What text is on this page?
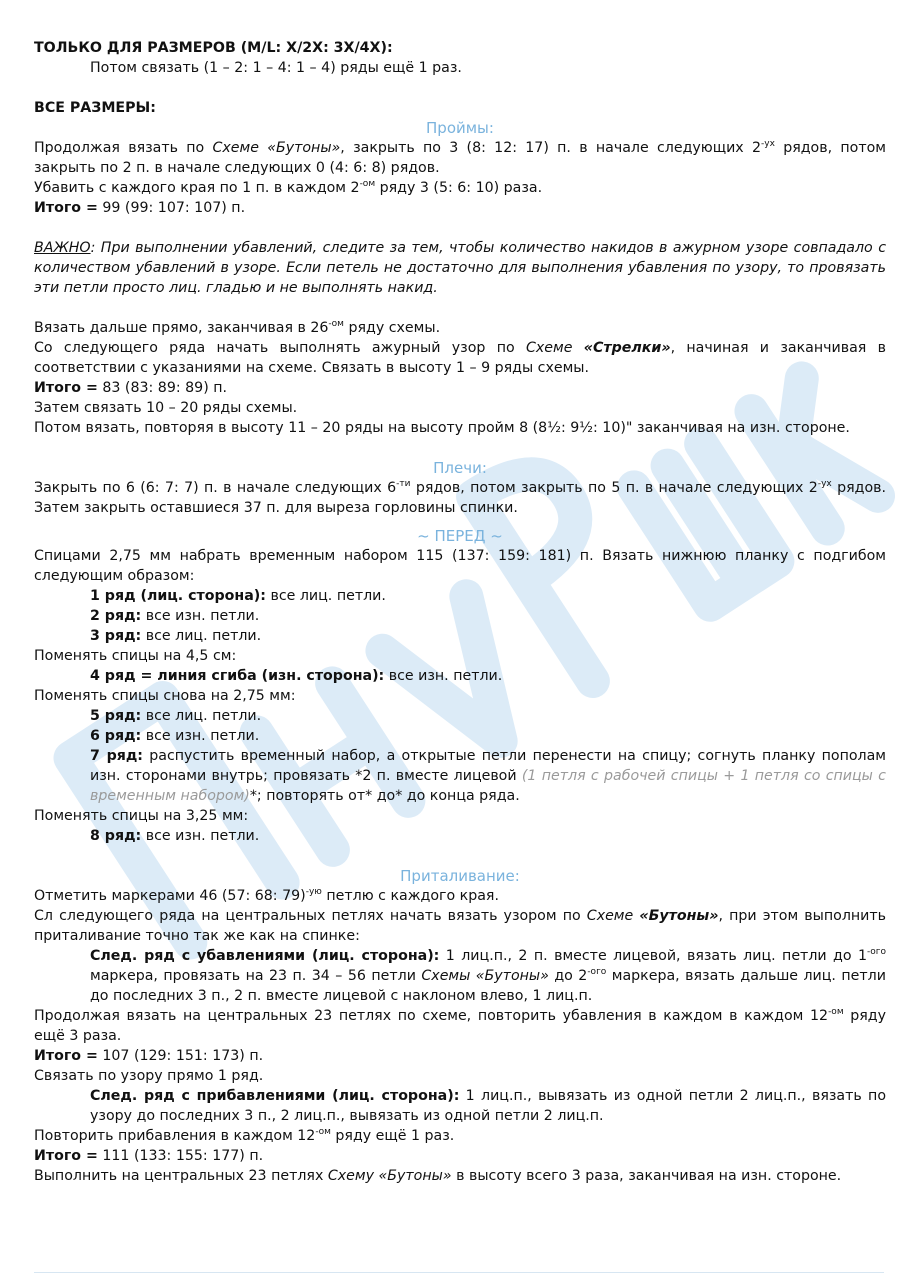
ТОЛЬКО ДЛЯ РАЗМЕРОВ (M/L: X/2X: 3X/4X):

Потом связать (1 – 2: 1 – 4: 1 – 4) ряды ещё 1 раз.

ВСЕ РАЗМЕРЫ:

Проймы:

Продолжая вязать по Схеме «Бутоны», закрыть по 3 (8: 12: 17) п. в начале следующих $2^{-ух}$ рядов, потом закрыть по 2 п. в начале следующих 0 (4: 6: 8) рядов.

Убавить с каждого края по 1 п. в каждом $2^{-ом}$ ряду 3 (5: 6: 10) раза.

Итого = 99 (99: 107: 107) п.

ВАЖНО: При выполнении убавлений, следите за тем, чтобы количество накидов в ажурном узоре совпадало с количеством убавлений в узоре. Если петель не достаточно для выполнения убавления по узору, то провязать эти петли просто лиц. гладью и не выполнять накид.

Вязать дальше прямо, заканчивая в $26^{-ом}$ ряду схемы.

Со следующего ряда начать выполнять ажурный узор по Схеме «Стрелки», начиная и заканчивая в соответствии с указаниями на схеме. Связать в высоту 1 – 9 ряды схемы.

Итого = 83 (83: 89: 89) п.

Затем связать 10 – 20 ряды схемы.

Потом вязать, повторяя в высоту 11 – 20 ряды на высоту пройм 8 (8½: 9½: 10)" заканчивая на изн. стороне.

Плечи:

Закрыть по 6 (6: 7: 7) п. в начале следующих $6^{-ти}$ рядов, потом закрыть по 5 п. в начале следующих $2^{-ух}$ рядов. Затем закрыть оставшиеся 37 п. для выреза горловины спинки.

~ ПЕРЕД ~

Спицами 2,75 мм набрать временным набором 115 (137: 159: 181) п. Вязать нижнюю планку с подгибом следующим образом:

1 ряд (лиц. сторона): все лиц. петли.

2 ряд: все изн. петли.

3 ряд: все лиц. петли.

Поменять спицы на 4,5 см:

4 ряд = линия сгиба (изн. сторона): все изн. петли.

Поменять спицы снова на 2,75 мм:

5 ряд: все лиц. петли.

6 ряд: все изн. петли.

7 ряд: распустить временный набор, а открытые петли перенести на спицу; согнуть планку пополам изн. сторонами внутрь; провязать *2 п. вместе лицевой (1 петля с рабочей спицы + 1 петля со спицы с временным набором)*; повторять от* до* до конца ряда.

Поменять спицы на 3,25 мм:

8 ряд: все изн. петли.

Приталивание:

Отметить маркерами 46 (57: 68: 79)$^{-ую}$ петлю с каждого края.

Сл следующего ряда на центральных петлях начать вязать узором по Схеме «Бутоны», при этом выполнить приталивание точно так же как на спинке:

След. ряд с убавлениями (лиц. сторона): 1 лиц.п., 2 п. вместе лицевой, вязать лиц. петли до $1^{-ого}$ маркера, провязать на 23 п. 34 – 56 петли Схемы «Бутоны» до $2^{-ого}$ маркера, вязать дальше лиц. петли до последних 3 п., 2 п. вместе лицевой с наклоном влево, 1 лиц.п.

Продолжая вязать на центральных 23 петлях по схеме, повторить убавления в каждом в каждом $12^{-ом}$ ряду ещё 3 раза.

Итого = 107 (129: 151: 173) п.

Связать по узору прямо 1 ряд.

След. ряд с прибавлениями (лиц. сторона): 1 лиц.п., вывязать из одной петли 2 лиц.п., вязать по узору до последних 3 п., 2 лиц.п., вывязать из одной петли 2 лиц.п.

Повторить прибавления в каждом $12^{-ом}$ ряду ещё 1 раз.

Итого = 111 (133: 155: 177) п.

Выполнить на центральных 23 петлях Схему «Бутоны» в высоту всего 3 раза, заканчивая на изн. стороне.
